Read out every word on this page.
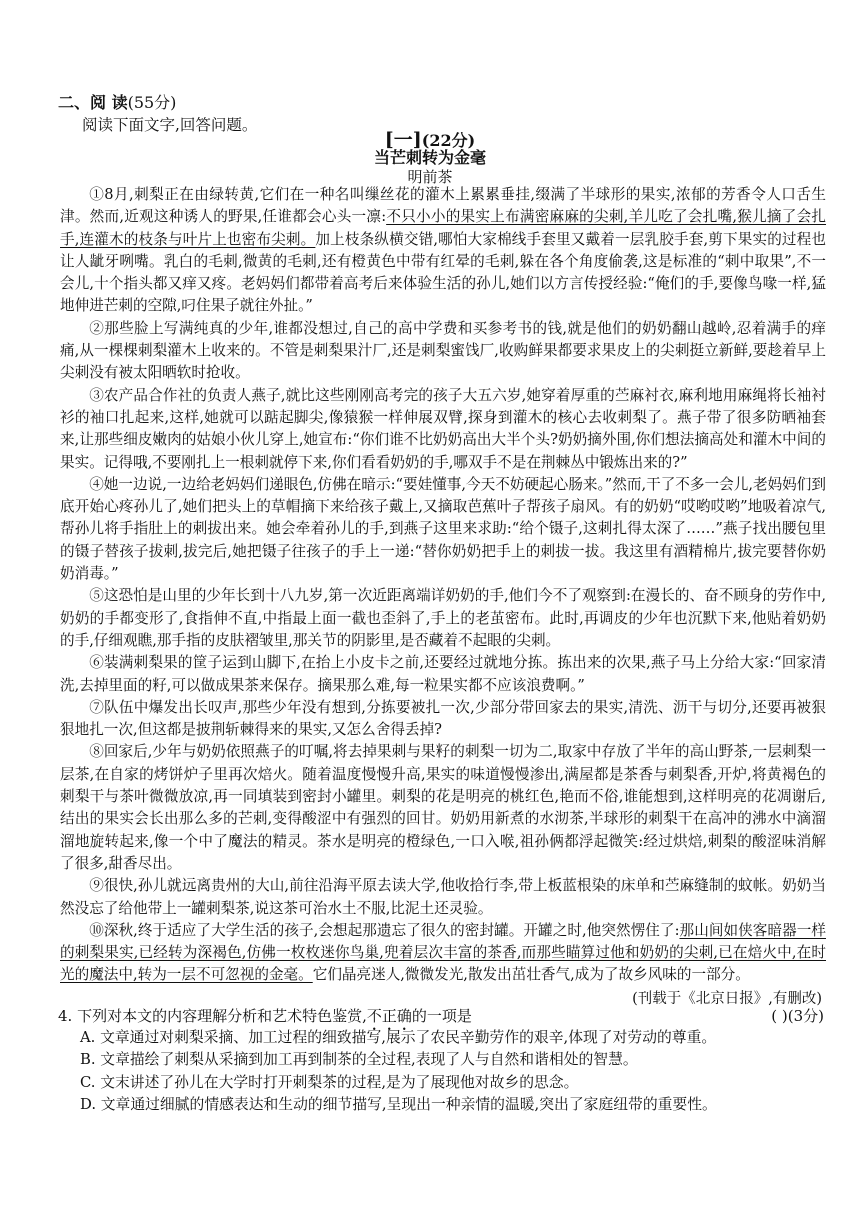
二、阅 读(55分)
阅读下面文字,回答问题。
[一](22分)
当芒刺转为金毫
明前茶

①8月,刺梨正在由绿转黄,它们在一种名叫缫丝花的灌木上累累垂挂,缀满了半球形的果实,浓郁的芳香令人口舌生津。然而,近观这种诱人的野果,任谁都会心头一凛:不只小小的果实上布满密麻麻的尖刺,羊儿吃了会扎嘴,猴儿摘了会扎手,连灌木的枝条与叶片上也密布尖刺。加上枝条纵横交错,哪怕大家棉线手套里又戴着一层乳胶手套,剪下果实的过程也让人龇牙咧嘴。乳白的毛刺,微黄的毛刺,还有橙黄色中带有红晕的毛刺,躲在各个角度偷袭,这是标准的“刺中取果”,不一会儿,十个指头都又痒又疼。老妈妈们都带着高考后来体验生活的孙儿,她们以方言传授经验:“俺们的手,要像鸟喙一样,猛地伸进芒刺的空隙,叼住果子就往外扯。”

②那些脸上写满纯真的少年,谁都没想过,自己的高中学费和买参考书的钱,就是他们的奶奶翻山越岭,忍着满手的痒痛,从一棵棵刺梨灌木上收来的。不管是刺梨果汁厂,还是刺梨蜜饯厂,收购鲜果都要求果皮上的尖刺挺立新鲜,要趁着早上尖刺没有被太阳晒软时抢收。

③农产品合作社的负责人燕子,就比这些刚刚高考完的孩子大五六岁,她穿着厚重的苎麻衬衣,麻利地用麻绳将长袖衬衫的袖口扎起来,这样,她就可以踮起脚尖,像猿猴一样伸展双臂,探身到灌木的核心去收刺梨了。燕子带了很多防晒袖套来,让那些细皮嫩肉的姑娘小伙儿穿上,她宣布:“你们谁不比奶奶高出大半个头?奶奶摘外围,你们想法摘高处和灌木中间的果实。记得哦,不要刚扎上一根刺就停下来,你们看看奶奶的手,哪双手不是在荆棘丛中锻炼出来的?”

④她一边说,一边给老妈妈们递眼色,仿佛在暗示:“要娃懂事,今天不妨硬起心肠来。”然而,干了不多一会儿,老妈妈们到底开始心疼孙儿了,她们把头上的草帽摘下来给孩子戴上,又摘取芭蕉叶子帮孩子扇风。有的奶奶“哎哟哎哟”地吸着凉气,帮孙儿将手指肚上的刺拔出来。她会牵着孙儿的手,到燕子这里来求助:“给个镊子,这刺扎得太深了……”燕子找出腰包里的镊子替孩子拔刺,拔完后,她把镊子往孩子的手上一递:“替你奶奶把手上的刺拔一拔。我这里有酒精棉片,拔完要替你奶奶消毒。”

⑤这恐怕是山里的少年长到十八九岁,第一次近距离端详奶奶的手,他们今不了观察到:在漫长的、奋不顾身的劳作中,奶奶的手都变形了,食指伸不直,中指最上面一截也歪斜了,手上的老茧密布。此时,再调皮的少年也沉默下来,他贴着奶奶的手,仔细观瞧,那手指的皮肤褶皱里,那关节的阴影里,是否藏着不起眼的尖刺。

⑥装满刺梨果的筐子运到山脚下,在抬上小皮卡之前,还要经过就地分拣。拣出来的次果,燕子马上分给大家:“回家清洗,去掉里面的籽,可以做成果茶来保存。摘果那么难,每一粒果实都不应该浪费啊。”

⑦队伍中爆发出长叹声,那些少年没有想到,分拣要被扎一次,少部分带回家去的果实,清洗、沥干与切分,还要再被狠狠地扎一次,但这都是披荆斩棘得来的果实,又怎么舍得丢掉?

⑧回家后,少年与奶奶依照燕子的叮嘱,将去掉果刺与果籽的刺梨一切为二,取家中存放了半年的高山野茶,一层刺梨一层茶,在自家的烤饼炉子里再次焙火。随着温度慢慢升高,果实的味道慢慢渗出,满屋都是茶香与刺梨香,开炉,将黄褐色的刺梨干与茶叶微微放凉,再一同填装到密封小罐里。刺梨的花是明亮的桃红色,艳而不俗,谁能想到,这样明亮的花凋谢后,结出的果实会长出那么多的芒刺,变得酸涩中有强烈的回甘。奶奶用新煮的水沏茶,半球形的刺梨干在高冲的沸水中滴溜溜地旋转起来,像一个中了魔法的精灵。茶水是明亮的橙绿色,一口入喉,祖孙俩都浮起微笑:经过烘焙,刺梨的酸涩味消解了很多,甜香尽出。

⑨很快,孙儿就远离贵州的大山,前往沿海平原去读大学,他收拾行李,带上板蓝根染的床单和苎麻缝制的蚊帐。奶奶当然没忘了给他带上一罐刺梨茶,说这茶可治水土不服,比泥土还灵验。

⑩深秋,终于适应了大学生活的孩子,会想起那遗忘了很久的密封罐。开罐之时,他突然愣住了:那山间如侠客暗器一样的刺梨果实,已经转为深褐色,仿佛一枚枚迷你鸟巢,兜着层次丰富的茶香,而那些瞄算过他和奶奶的尖刺,已在焙火中,在时光的魔法中,转为一层不可忽视的金毫。它们晶亮迷人,微微发光,散发出茁壮香气,成为了故乡风味的一部分。

(刊载于《北京日报》,有删改)
4. 下列对本文的内容理解分析和艺术特色鉴赏,不正确的一项是	( )(3分)
A. 文章通过对刺梨采摘、加工过程的细致描写,展示了农民辛勤劳作的艰辛,体现了对劳动的尊重。
B. 文章描绘了刺梨从采摘到加工再到制茶的全过程,表现了人与自然和谐相处的智慧。
C. 文末讲述了孙儿在大学时打开刺梨茶的过程,是为了展现他对故乡的思念。
D. 文章通过细腻的情感表达和生动的细节描写,呈现出一种亲情的温暖,突出了家庭纽带的重要性。
